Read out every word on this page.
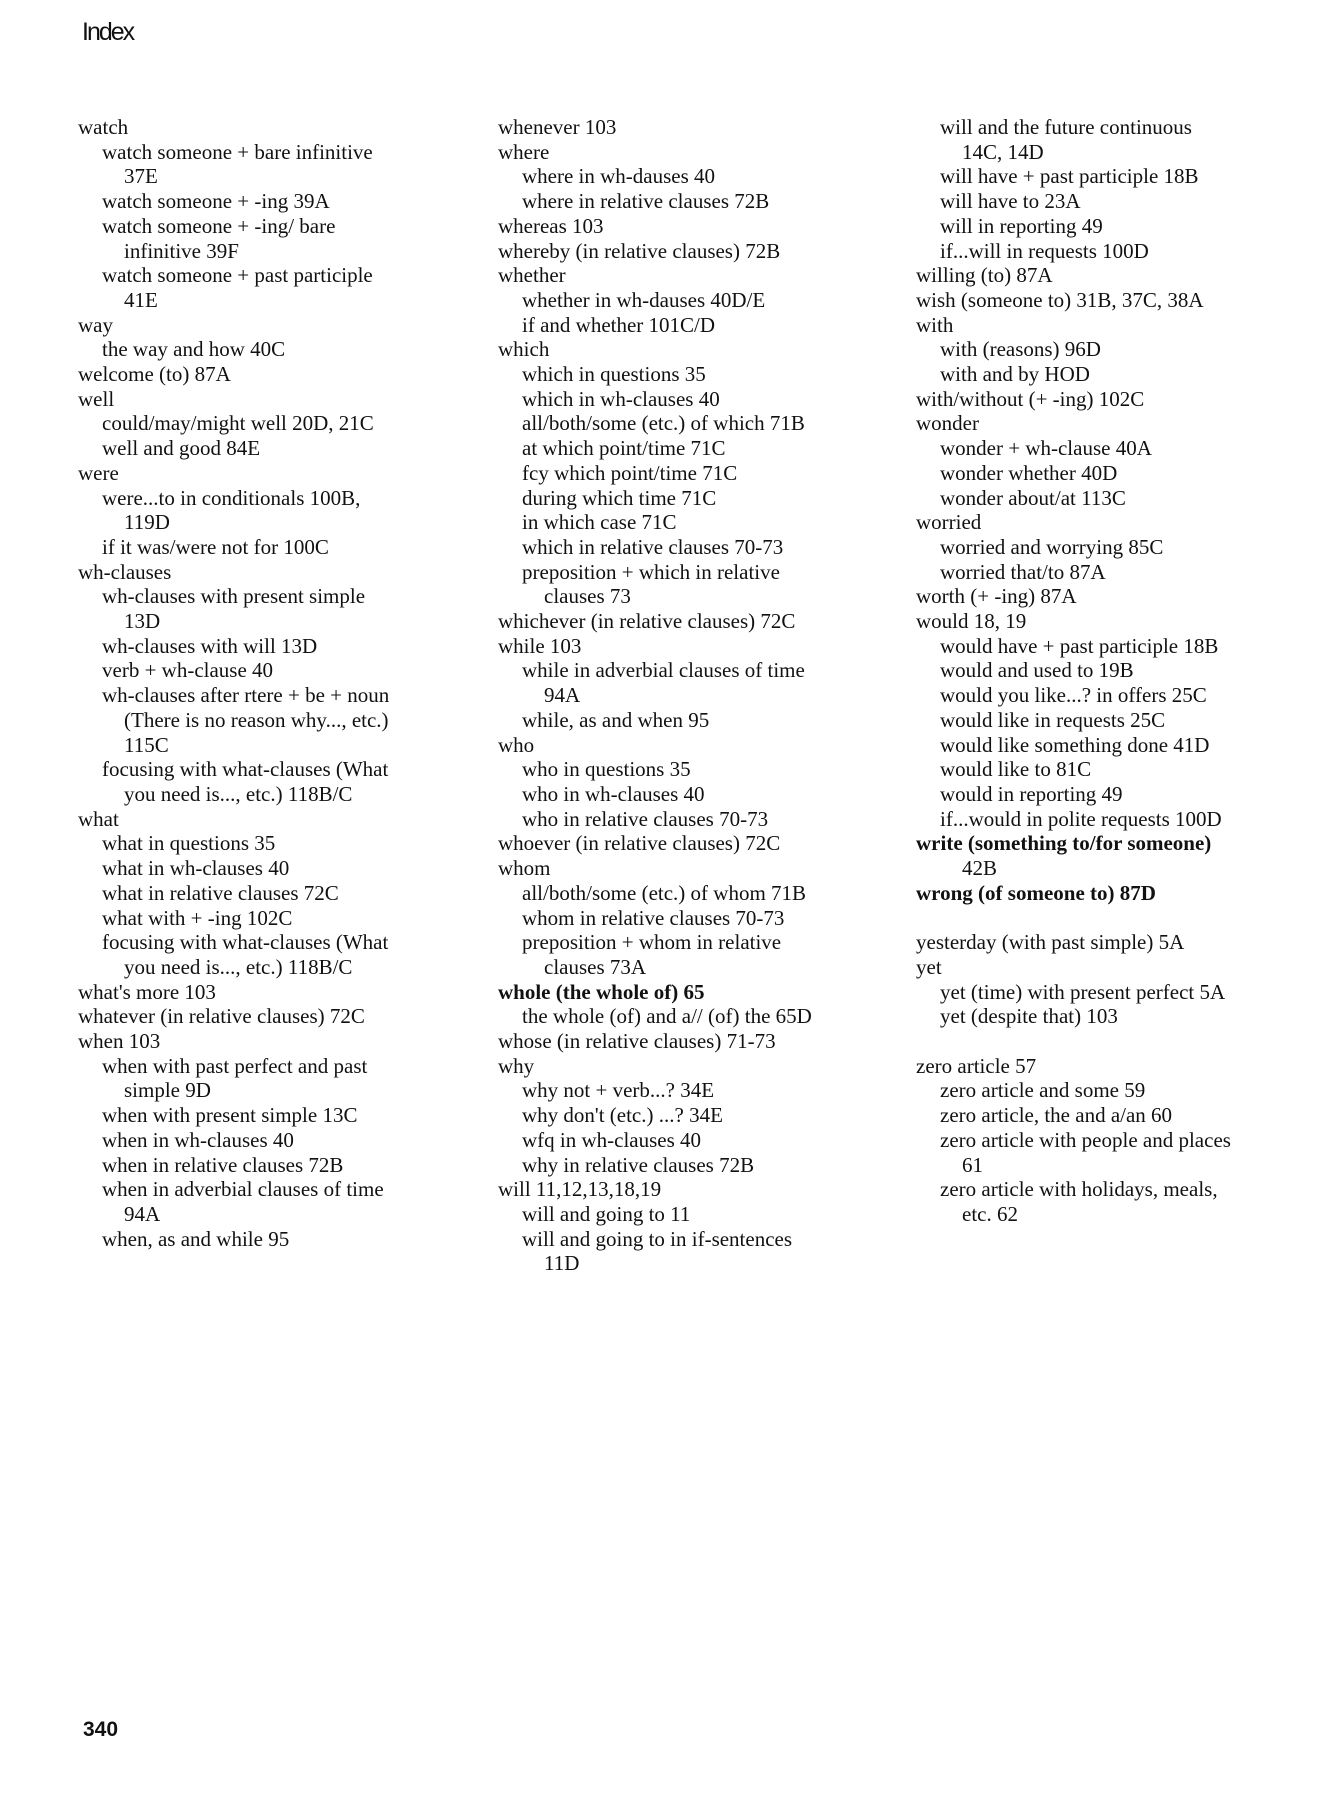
Index
watch
watch someone + bare infinitive
37E
watch someone + -ing 39A
watch someone + -ing/ bare
infinitive 39F
watch someone + past participle
41E
way
the way and how 40C
welcome (to) 87A
well
could/may/might well 20D, 21C
well and good 84E
were
were...to in conditionals 100B,
119D
if it was/were not for 100C
wh-clauses
wh-clauses with present simple
13D
wh-clauses with will 13D
verb + wh-clause 40
wh-clauses after rtere + be + noun
(There is no reason why..., etc.)
115C
focusing with what-clauses (What
you need is..., etc.) 118B/C
what
what in questions 35
what in wh-clauses 40
what in relative clauses 72C
what with + -ing 102C
focusing with what-clauses (What
you need is..., etc.) 118B/C
what's more 103
whatever (in relative clauses) 72C
when 103
when with past perfect and past
simple 9D
when with present simple 13C
when in wh-clauses 40
when in relative clauses 72B
when in adverbial clauses of time
94A
when, as and while 95
whenever 103
where
where in wh-dauses 40
where in relative clauses 72B
whereas 103
whereby (in relative clauses) 72B
whether
whether in wh-dauses 40D/E
if and whether 101C/D
which
which in questions 35
which in wh-clauses 40
all/both/some (etc.) of which 71B
at which point/time 71C
fcy which point/time 71C
during which time 71C
in which case 71C
which in relative clauses 70-73
preposition + which in relative
clauses 73
whichever (in relative clauses) 72C
while 103
while in adverbial clauses of time
94A
while, as and when 95
who
who in questions 35
who in wh-clauses 40
who in relative clauses 70-73
whoever (in relative clauses) 72C
whom
all/both/some (etc.) of whom 71B
whom in relative clauses 70-73
preposition + whom in relative
clauses 73A
whole (the whole of) 65
the whole (of) and a// (of) the 65D
whose (in relative clauses) 71-73
why
why not + verb...? 34E
why don't (etc.) ...? 34E
wfq in wh-clauses 40
why in relative clauses 72B
will 11,12,13,18,19
will and going to 11
will and going to in if-sentences
11D
will and the future continuous
14C, 14D
will have + past participle 18B
will have to 23A
will in reporting 49
if...will in requests 100D
willing (to) 87A
wish (someone to) 31B, 37C, 38A
with
with (reasons) 96D
with and by HOD
with/without (+ -ing) 102C
wonder
wonder + wh-clause 40A
wonder whether 40D
wonder about/at 113C
worried
worried and worrying 85C
worried that/to 87A
worth (+ -ing) 87A
would 18, 19
would have + past participle 18B
would and used to 19B
would you like...? in offers 25C
would like in requests 25C
would like something done 41D
would like to 81C
would in reporting 49
if...would in polite requests 100D
write (something to/for someone)
42B
wrong (of someone to) 87D
yesterday (with past simple) 5A
yet
yet (time) with present perfect 5A
yet (despite that) 103
zero article 57
zero article and some 59
zero article, the and a/an 60
zero article with people and places
61
zero article with holidays, meals,
etc. 62
340
